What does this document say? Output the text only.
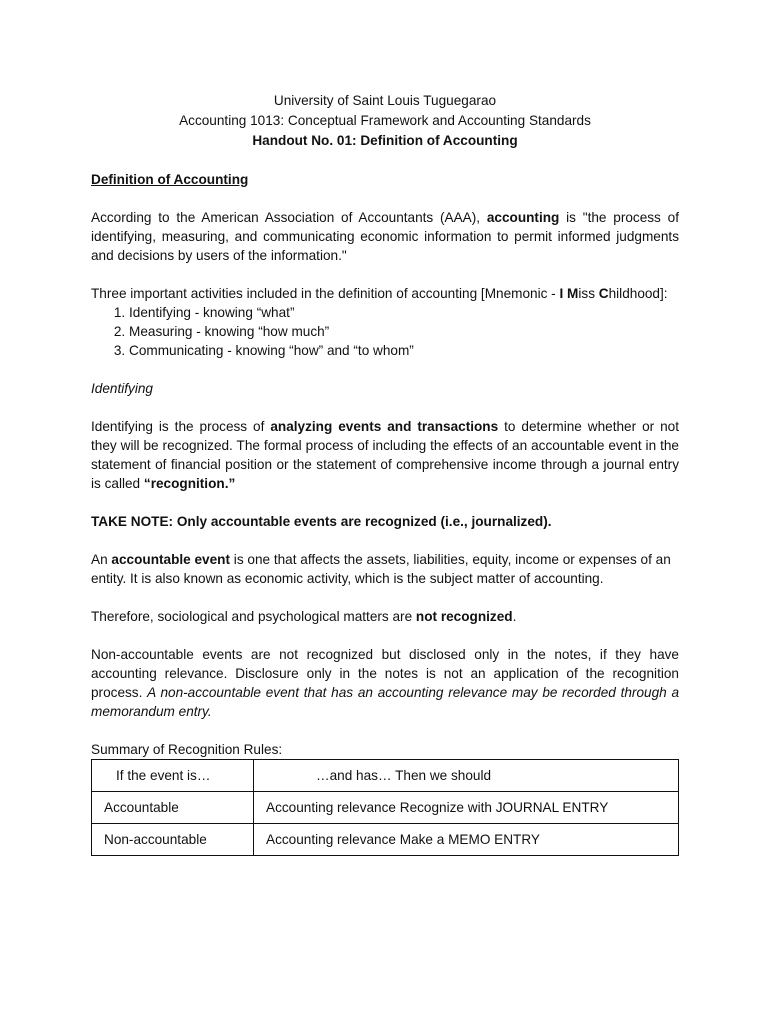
University of Saint Louis Tuguegarao
Accounting 1013: Conceptual Framework and Accounting Standards
Handout No. 01: Definition of Accounting
Definition of Accounting

According to the American Association of Accountants (AAA), accounting is "the process of identifying, measuring, and communicating economic information to permit informed judgments and decisions by users of the information."

Three important activities included in the definition of accounting [Mnemonic - I Miss Childhood]:

1. Identifying - knowing “what”
2. Measuring - knowing “how much”
3. Communicating - knowing “how” and “to whom”

Identifying

Identifying is the process of analyzing events and transactions to determine whether or not they will be recognized. The formal process of including the effects of an accountable event in the statement of financial position or the statement of comprehensive income through a journal entry is called “recognition.”

TAKE NOTE: Only accountable events are recognized (i.e., journalized).

An accountable event is one that affects the assets, liabilities, equity, income or expenses of an entity. It is also known as economic activity, which is the subject matter of accounting.

Therefore, sociological and psychological matters are not recognized.

Non-accountable events are not recognized but disclosed only in the notes, if they have accounting relevance. Disclosure only in the notes is not an application of the recognition process. A non-accountable event that has an accounting relevance may be recorded through a memorandum entry.

Summary of Recognition Rules:

If the event is…	…and has… Then we should
Accountable	Accounting relevance Recognize with JOURNAL ENTRY
Non-accountable	Accounting relevance Make a MEMO ENTRY
